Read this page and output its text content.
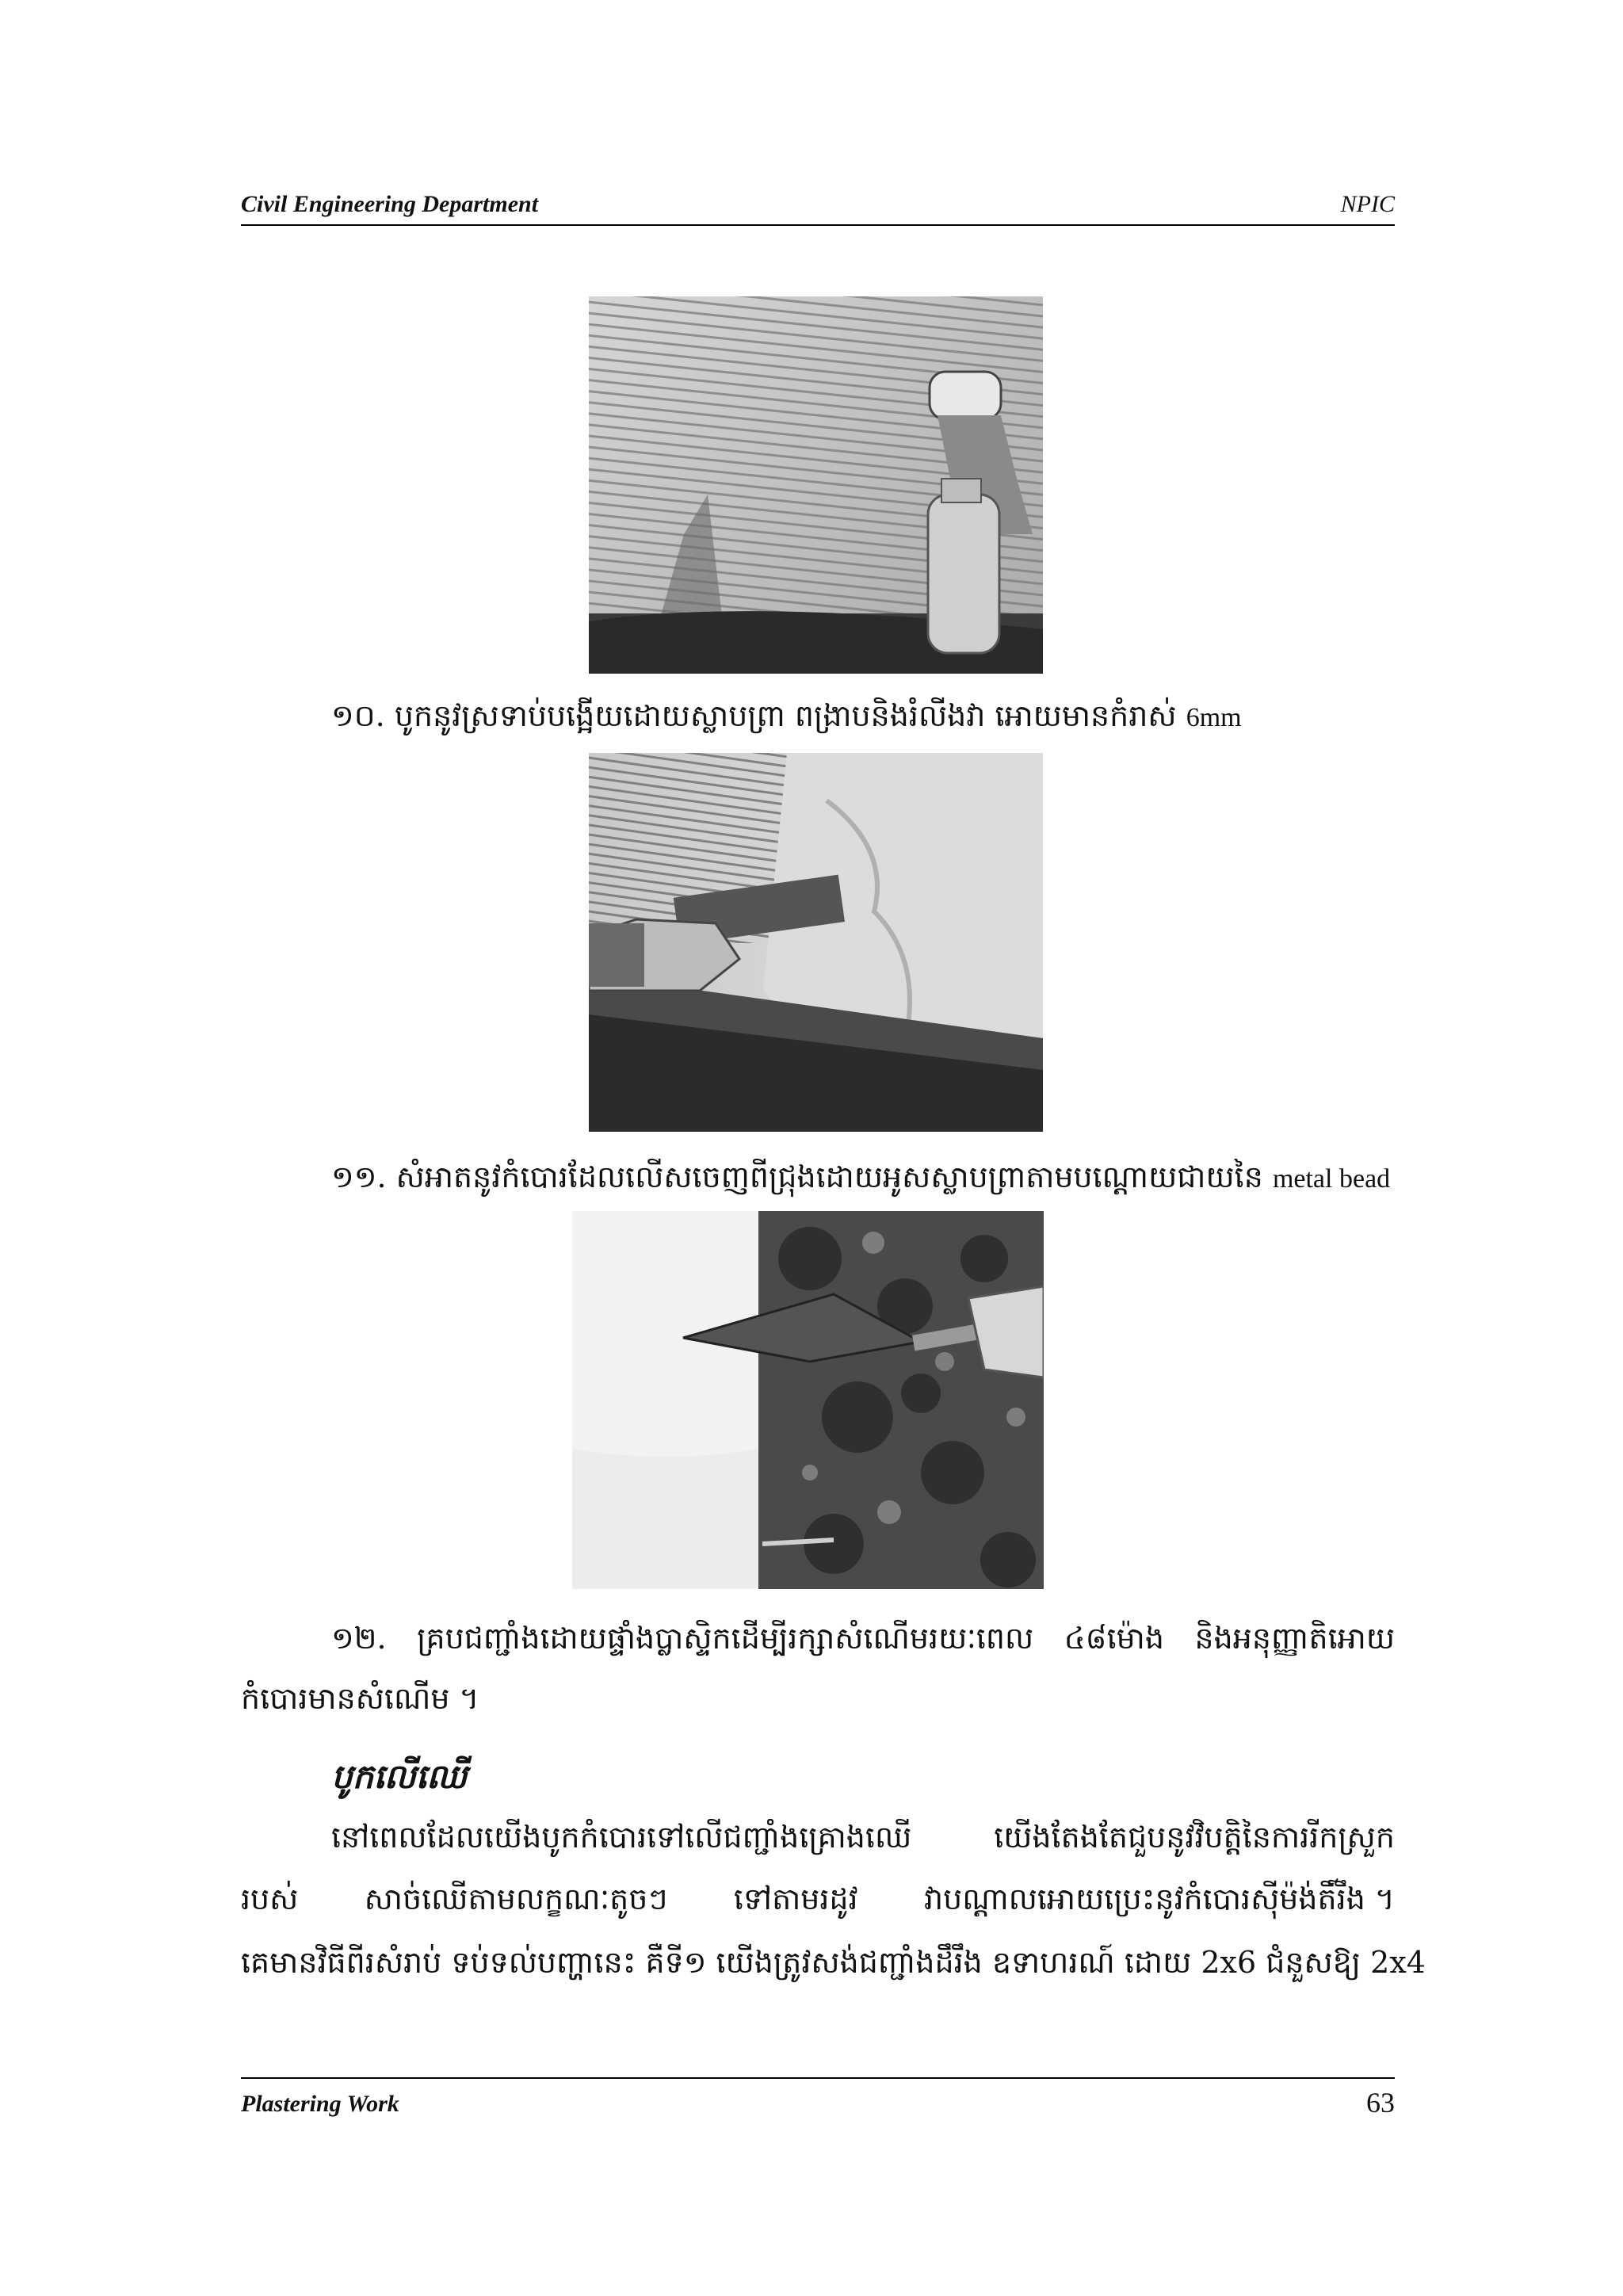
Civil Engineering Department	NPIC
១០. បូកនូវស្រទាប់បង្អើយដោយស្លាបព្រា ពង្រាបនិងរំលីងវា អោយមានកំរាស់ 6mm
១១. សំអាតនូវកំបោរដែលលើសចេញពីជ្រុងដោយអូសស្លាបព្រាតាមបណ្តោយជាយនៃ metal bead
១២. គ្របជញ្ជាំងដោយផ្ទាំងប្លាស្ទិកដើម្បីរក្សាសំណើមរយៈពេល ៤៨ម៉ោង និងអនុញ្ញាតិអោយ
កំបោរមានសំណើម ។
បូកលើឈើ
នៅពេលដែលយើងបូកកំបោរទៅលើជញ្ជាំងគ្រោងឈើ	យើងតែងតែជួបនូវវិបត្តិនៃការរីកស្រួក
របស់ សាច់ឈើតាមលក្ខណៈតូចៗ ទៅតាមរដូវ វាបណ្តាលអោយប្រេះនូវកំបោរស៊ីម៉ង់តិ៍រឹង ។
គេមានវិធីពីរសំរាប់ ទប់ទល់បញ្ហានេះ គឺទី១ យើងត្រូវសង់ជញ្ជាំងដឹរឹង ឧទាហរណ៍ ដោយ 2x6 ជំនួសឱ្យ 2x4
Plastering Work	63
